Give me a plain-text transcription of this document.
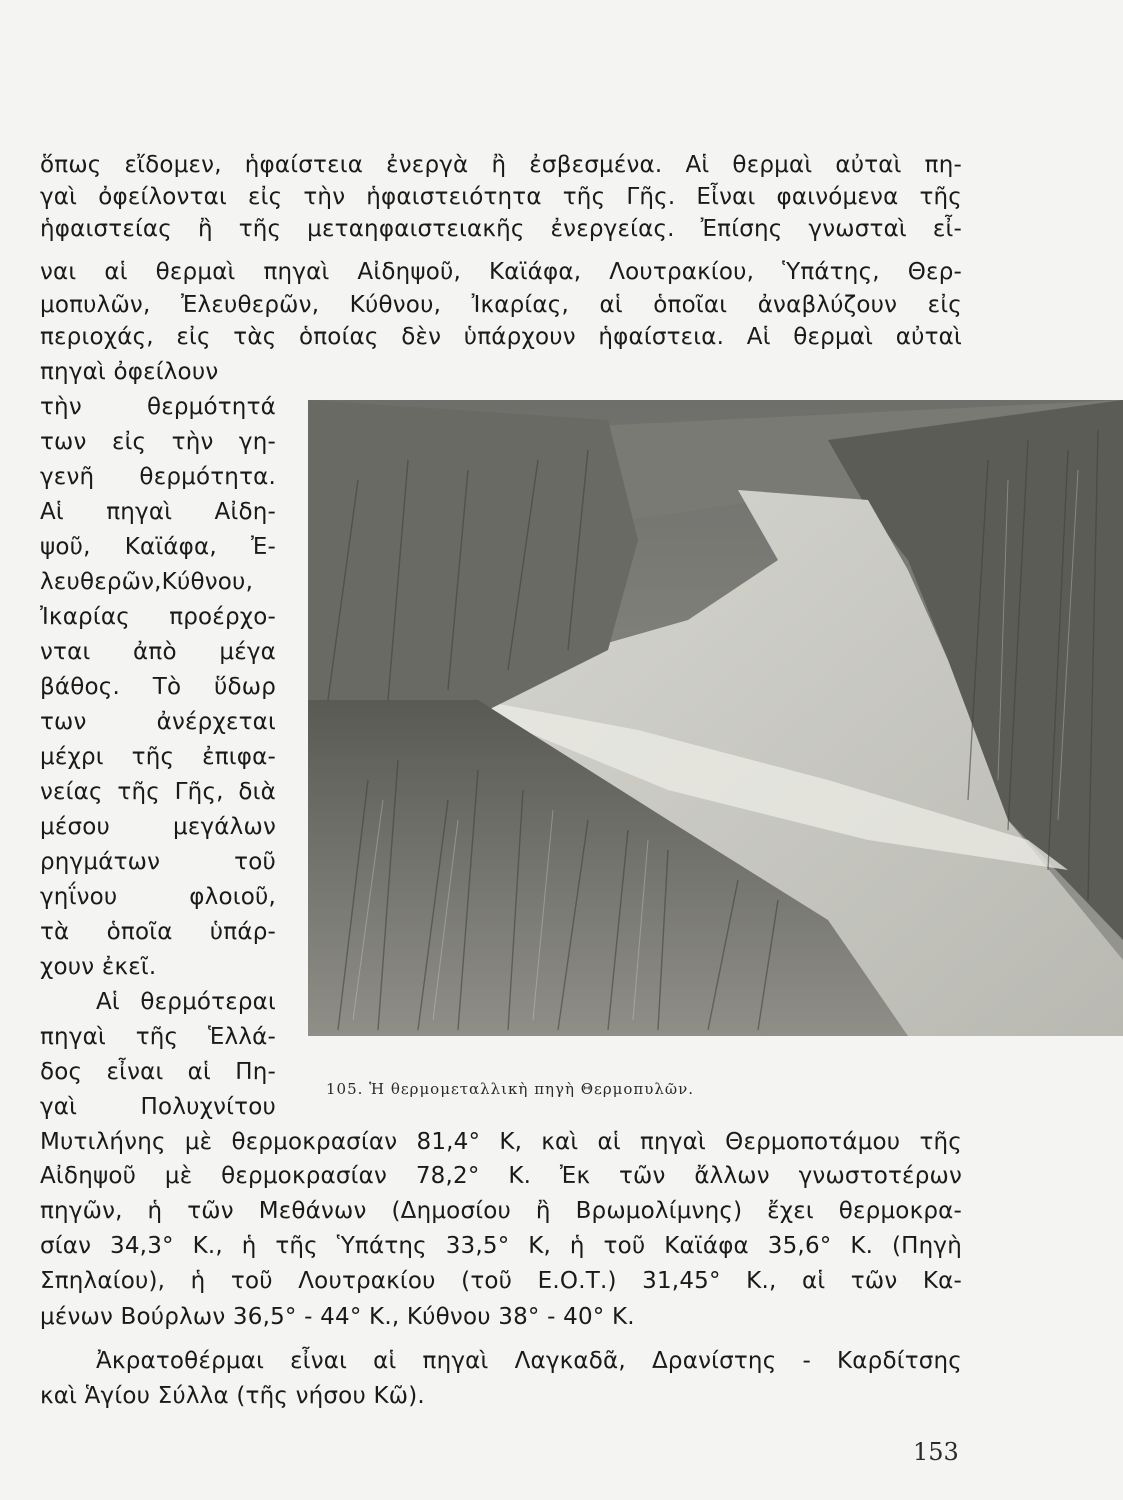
ὅπως εἴδομεν, ἡφαίστεια ἐνεργὰ ἢ ἐσβεσμένα. Αἱ θερμαὶ αὐταὶ πη-
γαὶ ὀφείλονται εἰς τὴν ἡφαιστειότητα τῆς Γῆς. Εἶναι φαινόμενα τῆς
ἡφαιστείας ἢ τῆς μεταηφαιστειακῆς ἐνεργείας. Ἐπίσης γνωσταὶ εἶ-
ναι αἱ θερμαὶ πηγαὶ Αἰδηψοῦ, Καϊάφα, Λουτρακίου, Ὑπάτης, Θερ-
μοπυλῶν, Ἐλευθερῶν, Κύθνου, Ἰκαρίας, αἱ ὁποῖαι ἀναβλύζουν εἰς
περιοχάς, εἰς τὰς ὁποίας δὲν ὑπάρχουν ἡφαίστεια. Αἱ θερμαὶ αὐταὶ
πηγαὶ ὀφείλουν
τὴν θερμότητά
των εἰς τὴν γη-
γενῆ θερμότητα.
Αἱ πηγαὶ Αἰδη-
ψοῦ, Καϊάφα, Ἐ-
λευθερῶν,Κύθνου,
Ἰκαρίας προέρχο-
νται ἀπὸ μέγα
βάθος. Τὸ ὕδωρ
των ἀνέρχεται
μέχρι τῆς ἐπιφα-
νείας τῆς Γῆς, διὰ
μέσου μεγάλων
ρηγμάτων τοῦ
γηΐνου φλοιοῦ,
τὰ ὁποῖα ὑπάρ-
χουν ἐκεῖ.
Αἱ θερμότεραι
πηγαὶ τῆς Ἑλλά-
δος εἶναι αἱ Πη-
γαὶ Πολυχνίτου
105. Ἡ θερμομεταλλικὴ πηγὴ Θερμοπυλῶν.
Μυτιλήνης μὲ θερμοκρασίαν 81,4° Κ, καὶ αἱ πηγαὶ Θερμοποτάμου τῆς
Αἰδηψοῦ μὲ θερμοκρασίαν 78,2° Κ. Ἐκ τῶν ἄλλων γνωστοτέρων
πηγῶν, ἡ τῶν Μεθάνων (Δημοσίου ἢ Βρωμολίμνης) ἔχει θερμοκρα-
σίαν 34,3° Κ., ἡ τῆς Ὑπάτης 33,5° Κ, ἡ τοῦ Καϊάφα 35,6° Κ. (Πηγὴ
Σπηλαίου), ἡ τοῦ Λουτρακίου (τοῦ Ε.Ο.Τ.) 31,45° Κ., αἱ τῶν Κα-
μένων Βούρλων 36,5° - 44° Κ., Κύθνου 38° - 40° Κ.
Ἀκρατοθέρμαι εἶναι αἱ πηγαὶ Λαγκαδᾶ, Δρανίστης - Καρδίτσης
καὶ Ἁγίου Σύλλα (τῆς νήσου Κῶ).
153
